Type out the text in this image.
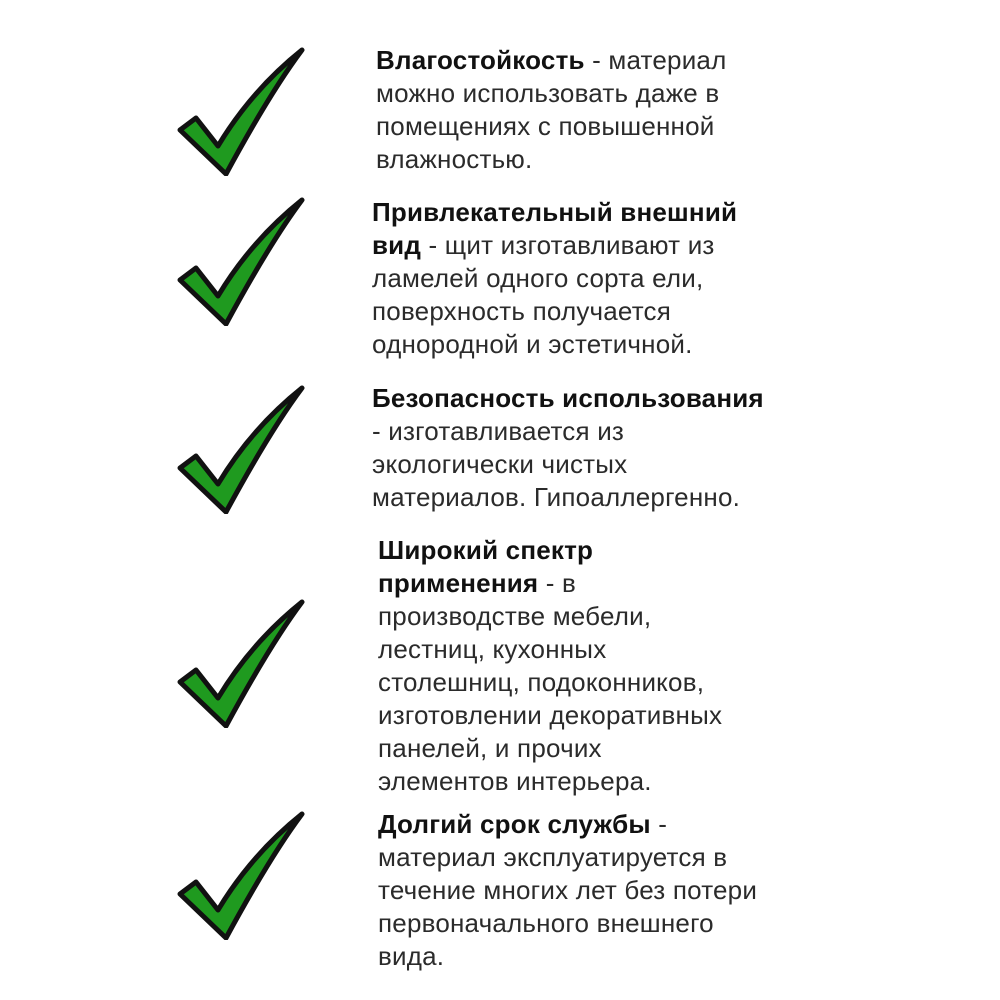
Влагостойкость - материал
можно использовать даже в
помещениях с повышенной
влажностью.

Привлекательный внешний
вид - щит изготавливают из
ламелей одного сорта ели,
поверхность получается
однородной и эстетичной.

Безопасность использования
- изготавливается из
экологически чистых
материалов. Гипоаллергенно.

Широкий спектр
применения - в
производстве мебели,
лестниц, кухонных
столешниц, подоконников,
изготовлении декоративных
панелей, и прочих
элементов интерьера.

Долгий срок службы -
материал эксплуатируется в
течение многих лет без потери
первоначального внешнего
вида.
